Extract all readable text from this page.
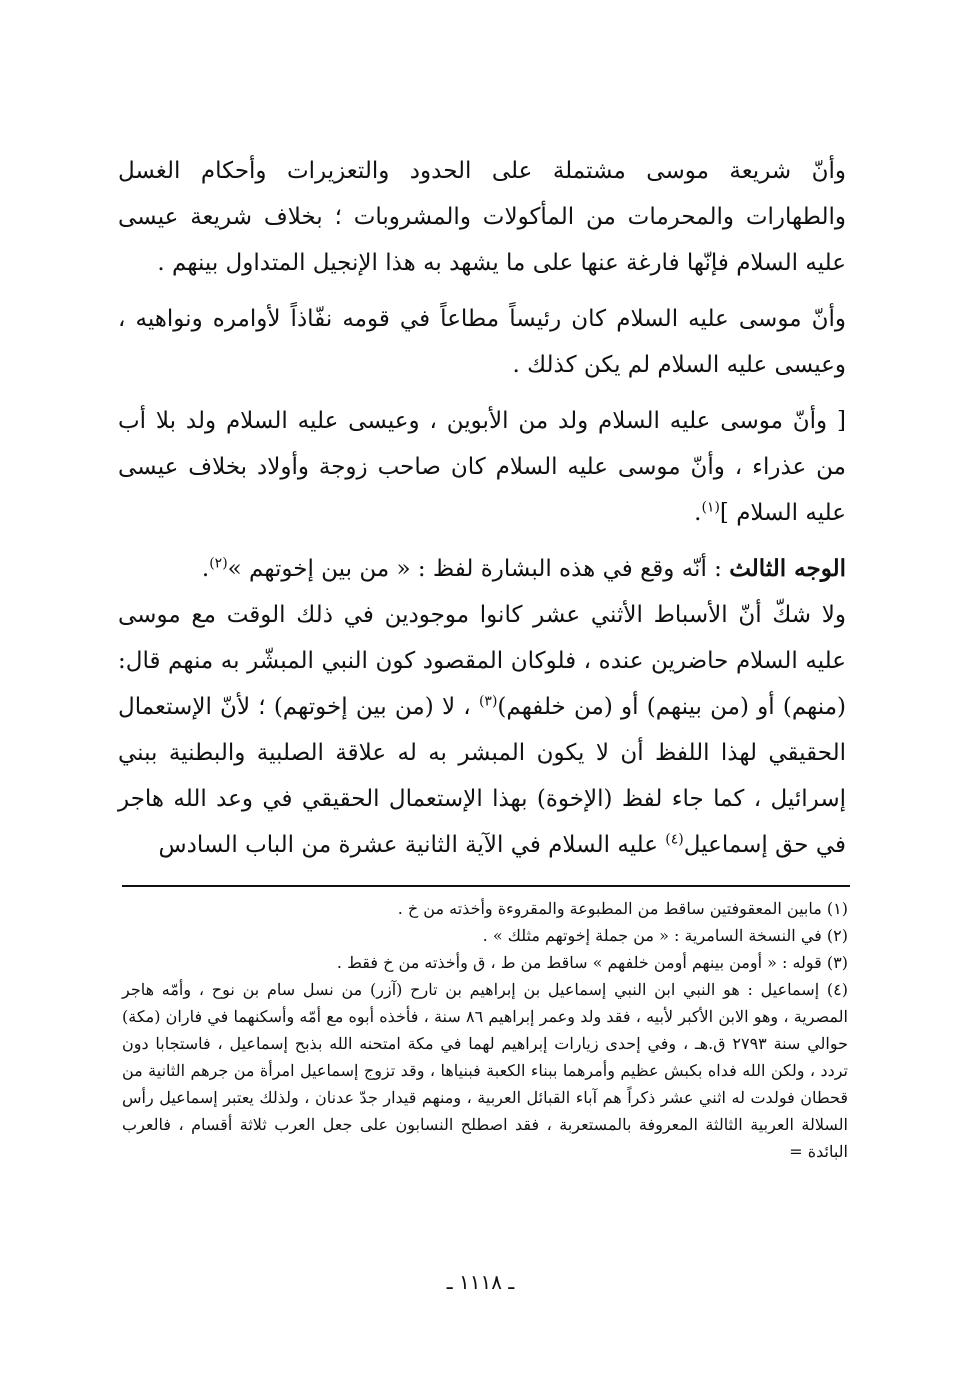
وأنّ شريعة موسى مشتملة على الحدود والتعزيرات وأحكام الغسل والطهارات والمحرمات من المأكولات والمشروبات ؛ بخلاف شريعة عيسى عليه السلام فإنّها فارغة عنها على ما يشهد به هذا الإنجيل المتداول بينهم .

وأنّ موسى عليه السلام كان رئيساً مطاعاً في قومه نفّاذاً لأوامره ونواهيه ، وعيسى عليه السلام لم يكن كذلك .

[ وأنّ موسى عليه السلام ولد من الأبوين ، وعيسى عليه السلام ولد بلا أب من عذراء ، وأنّ موسى عليه السلام كان صاحب زوجة وأولاد بخلاف عيسى عليه السلام ]$^{(١)}$.

الوجه الثالث : أنّه وقع في هذه البشارة لفظ : « من بين إخوتهم »$^{(٢)}$.

ولا شكّ أنّ الأسباط الأثني عشر كانوا موجودين في ذلك الوقت مع موسى عليه السلام حاضرين عنده ، فلوكان المقصود كون النبي المبشّر به منهم قال: (منهم) أو (من بينهم) أو (من خلفهم)$^{(٣)}$ ، لا (من بين إخوتهم) ؛ لأنّ الإستعمال الحقيقي لهذا اللفظ أن لا يكون المبشر به له علاقة الصلبية والبطنية ببني إسرائيل ، كما جاء لفظ (الإخوة) بهذا الإستعمال الحقيقي في وعد الله هاجر في حق إسماعيل$^{(٤)}$ عليه السلام في الآية الثانية عشرة من الباب السادس

(١) مابين المعقوفتين ساقط من المطبوعة والمقروءة وأخذته من خ .

(٢) في النسخة السامرية : « من جملة إخوتهم مثلك » .

(٣) قوله : « أومن بينهم أومن خلفهم » ساقط من ط ، ق وأخذته من خ فقط .

(٤) إسماعيل : هو النبي ابن النبي إسماعيل بن إبراهيم بن تارح (آزر) من نسل سام بن نوح ، وأمّه هاجر المصرية ، وهو الابن الأكبر لأبيه ، فقد ولد وعمر إبراهيم ٨٦ سنة ، فأخذه أبوه مع أمّه وأسكنهما في فاران (مكة) حوالي سنة ٢٧٩٣ ق.هـ ، وفي إحدى زيارات إبراهيم لهما في مكة امتحنه الله بذبح إسماعيل ، فاستجابا دون تردد ، ولكن الله فداه بكبش عظيم وأمرهما ببناء الكعبة فبنياها ، وقد تزوج إسماعيل امرأة من جرهم الثانية من قحطان فولدت له اثني عشر ذكراً هم آباء القبائل العربية ، ومنهم قيدار جدّ عدنان ، ولذلك يعتبر إسماعيل رأس السلالة العربية الثالثة المعروفة بالمستعربة ، فقد اصطلح النسابون على جعل العرب ثلاثة أقسام ، فالعرب البائدة =

ـ ١١١٨ ـ
